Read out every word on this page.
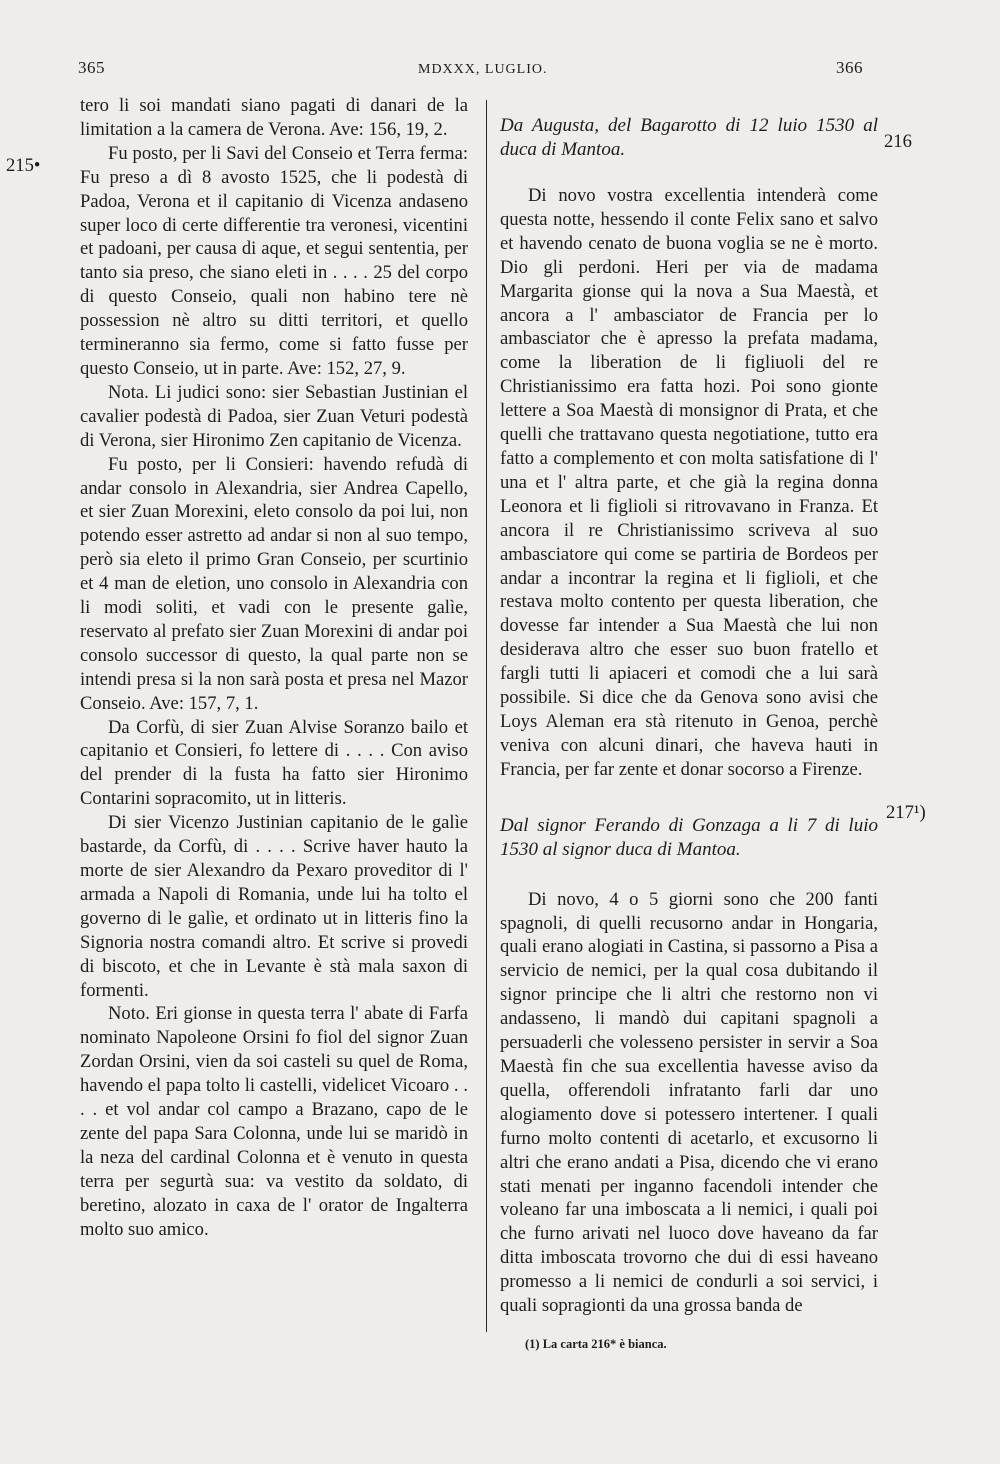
365	MDXXX, LUGLIO.	366
215•
216
217¹)

tero li soi mandati siano pagati di danari de la limitation a la camera de Verona. Ave: 156, 19, 2.

Fu posto, per li Savi del Conseio et Terra ferma: Fu preso a dì 8 avosto 1525, che li podestà di Padoa, Verona et il capitanio di Vicenza andaseno super loco di certe differentie tra veronesi, vicentini et padoani, per causa di aque, et segui sententia, per tanto sia preso, che siano eleti in . . . . 25 del corpo di questo Conseio, quali non habino tere nè possession nè altro su ditti territori, et quello termineranno sia fermo, come si fatto fusse per questo Conseio, ut in parte. Ave: 152, 27, 9.

Nota. Li judici sono: sier Sebastian Justinian el cavalier podestà di Padoa, sier Zuan Veturi podestà di Verona, sier Hironimo Zen capitanio de Vicenza.

Fu posto, per li Consieri: havendo refudà di andar consolo in Alexandria, sier Andrea Capello, et sier Zuan Morexini, eleto consolo da poi lui, non potendo esser astretto ad andar si non al suo tempo, però sia eleto il primo Gran Conseio, per scurtinio et 4 man de eletion, uno consolo in Alexandria con li modi soliti, et vadi con le presente galìe, reservato al prefato sier Zuan Morexini di andar poi consolo successor di questo, la qual parte non se intendi presa si la non sarà posta et presa nel Mazor Conseio. Ave: 157, 7, 1.

Da Corfù, di sier Zuan Alvise Soranzo bailo et capitanio et Consieri, fo lettere di . . . . Con aviso del prender di la fusta ha fatto sier Hironimo Contarini sopracomito, ut in litteris.

Di sier Vicenzo Justinian capitanio de le galìe bastarde, da Corfù, di . . . . Scrive haver hauto la morte de sier Alexandro da Pexaro proveditor di l' armada a Napoli di Romania, unde lui ha tolto el governo di le galìe, et ordinato ut in litteris fino la Signoria nostra comandi altro. Et scrive si provedi di biscoto, et che in Levante è stà mala saxon di formenti.

Noto. Eri gionse in questa terra l' abate di Farfa nominato Napoleone Orsini fo fiol del signor Zuan Zordan Orsini, vien da soi casteli su quel de Roma, havendo el papa tolto li castelli, videlicet Vicoaro . . . . et vol andar col campo a Brazano, capo de le zente del papa Sara Colonna, unde lui se maridò in la neza del cardinal Colonna et è venuto in questa terra per segurtà sua: va vestito da soldato, di beretino, alozato in caxa de l' orator de Ingalterra molto suo amico.

Da Augusta, del Bagarotto di 12 luio 1530 al duca di Mantoa.

Di novo vostra excellentia intenderà come questa notte, hessendo il conte Felix sano et salvo et havendo cenato de buona voglia se ne è morto. Dio gli perdoni. Heri per via de madama Margarita gionse qui la nova a Sua Maestà, et ancora a l' ambasciator de Francia per lo ambasciator che è apresso la prefata madama, come la liberation de li figliuoli del re Christianissimo era fatta hozi. Poi sono gionte lettere a Soa Maestà di monsignor di Prata, et che quelli che trattavano questa negotiatione, tutto era fatto a complemento et con molta satisfatione di l' una et l' altra parte, et che già la regina donna Leonora et li figlioli si ritrovavano in Franza. Et ancora il re Christianissimo scriveva al suo ambasciatore qui come se partiria de Bordeos per andar a incontrar la regina et li figlioli, et che restava molto contento per questa liberation, che dovesse far intender a Sua Maestà che lui non desiderava altro che esser suo buon fratello et fargli tutti li apiaceri et comodi che a lui sarà possibile. Si dice che da Genova sono avisi che Loys Aleman era stà ritenuto in Genoa, perchè veniva con alcuni dinari, che haveva hauti in Francia, per far zente et donar socorso a Firenze.

Dal signor Ferando di Gonzaga a li 7 di luio 1530 al signor duca di Mantoa.

Di novo, 4 o 5 giorni sono che 200 fanti spagnoli, di quelli recusorno andar in Hongaria, quali erano alogiati in Castina, si passorno a Pisa a servicio de nemici, per la qual cosa dubitando il signor principe che li altri che restorno non vi andasseno, li mandò dui capitani spagnoli a persuaderli che volesseno persister in servir a Soa Maestà fin che sua excellentia havesse aviso da quella, offerendoli infratanto farli dar uno alogiamento dove si potessero intertener. I quali furno molto contenti di acetarlo, et excusorno li altri che erano andati a Pisa, dicendo che vi erano stati menati per inganno facendoli intender che voleano far una imboscata a li nemici, i quali poi che furno arivati nel luoco dove haveano da far ditta imboscata trovorno che dui di essi haveano promesso a li nemici de condurli a soi servici, i quali sopragionti da una grossa banda de

(1) La carta 216* è bianca.
